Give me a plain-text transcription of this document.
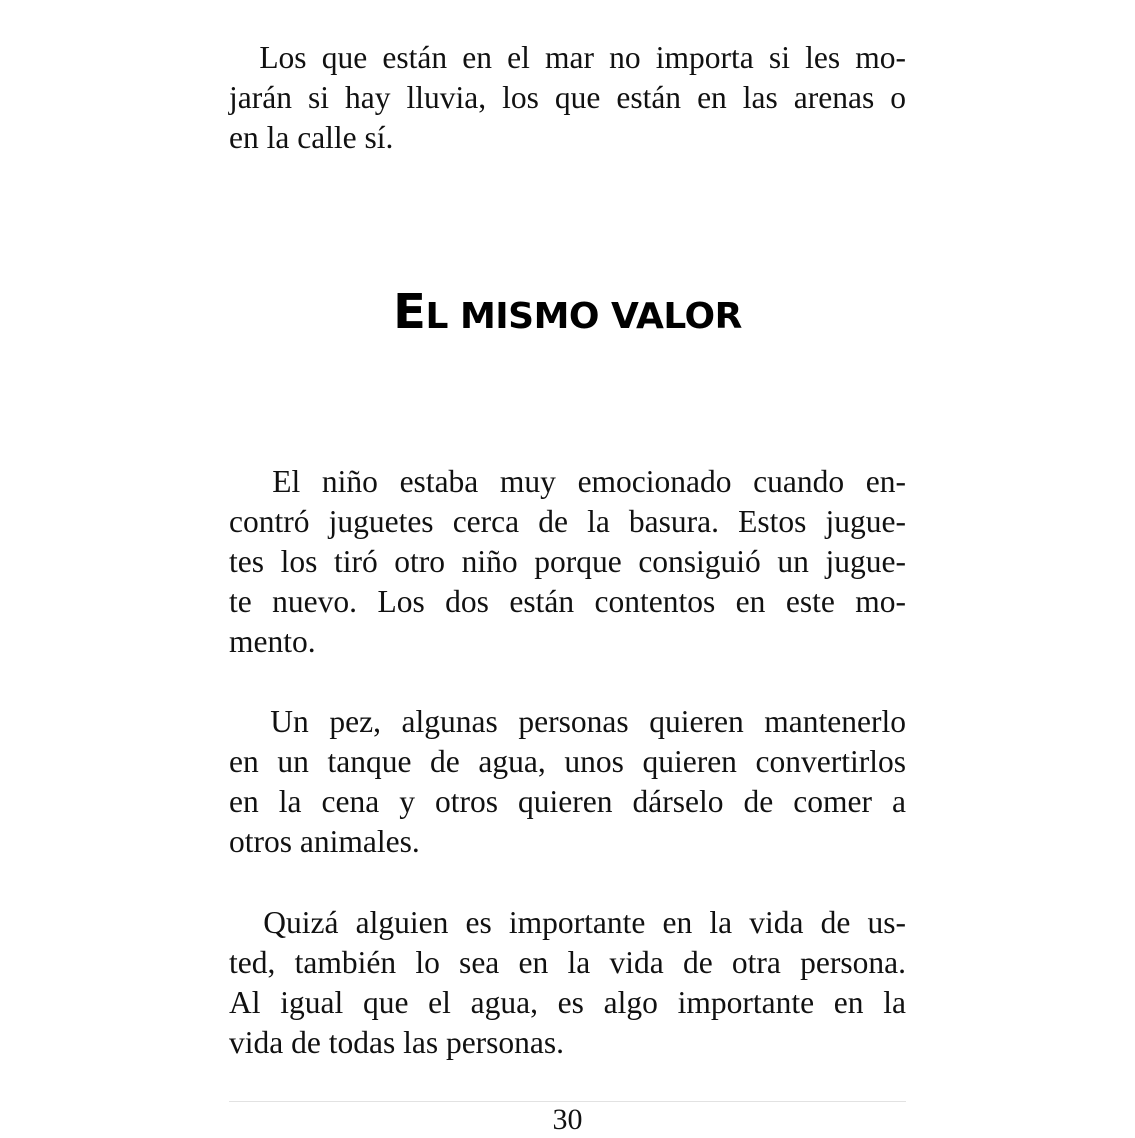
Los que están en el mar no importa si les mo-
jarán si hay lluvia, los que están en las arenas o
en la calle sí.
EL MISMO VALOR
El niño estaba muy emocionado cuando en-
contró juguetes cerca de la basura. Estos jugue-
tes los tiró otro niño porque consiguió un jugue-
te nuevo. Los dos están contentos en este mo-
mento.
Un pez, algunas personas quieren mantenerlo
en un tanque de agua, unos quieren convertirlos
en la cena y otros quieren dárselo de comer a
otros animales.
Quizá alguien es importante en la vida de us-
ted, también lo sea en la vida de otra persona.
Al igual que el agua, es algo importante en la
vida de todas las personas.
30
